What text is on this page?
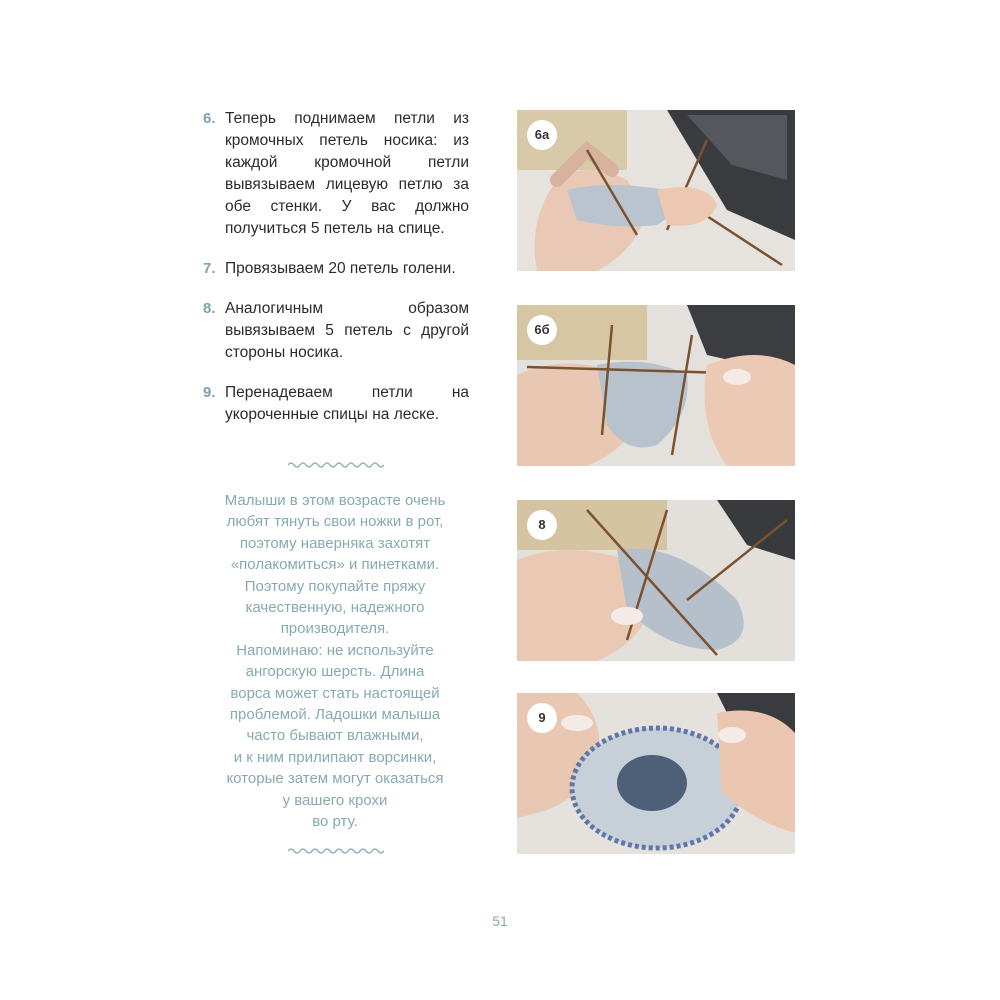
6. Теперь поднимаем петли из кромочных петель носика: из каждой кромочной петли вывязываем лицевую петлю за обе стенки. У вас должно получиться 5 петель на спице.
7. Провязываем 20 петель голени.
8. Аналогичным образом вывязываем 5 петель с другой стороны носика.
9. Перенадеваем петли на укороченные спицы на леске.
Малыши в этом возрасте очень
любят тянуть свои ножки в рот,
поэтому наверняка захотят
«полакомиться» и пинетками.
Поэтому покупайте пряжу
качественную, надежного
производителя.
Напоминаю: не используйте
ангорскую шерсть. Длина
ворса может стать настоящей
проблемой. Ладошки малыша
часто бывают влажными,
и к ним прилипают ворсинки,
которые затем могут оказаться
у вашего крохи
во рту.
6а
6б
8
9
51
